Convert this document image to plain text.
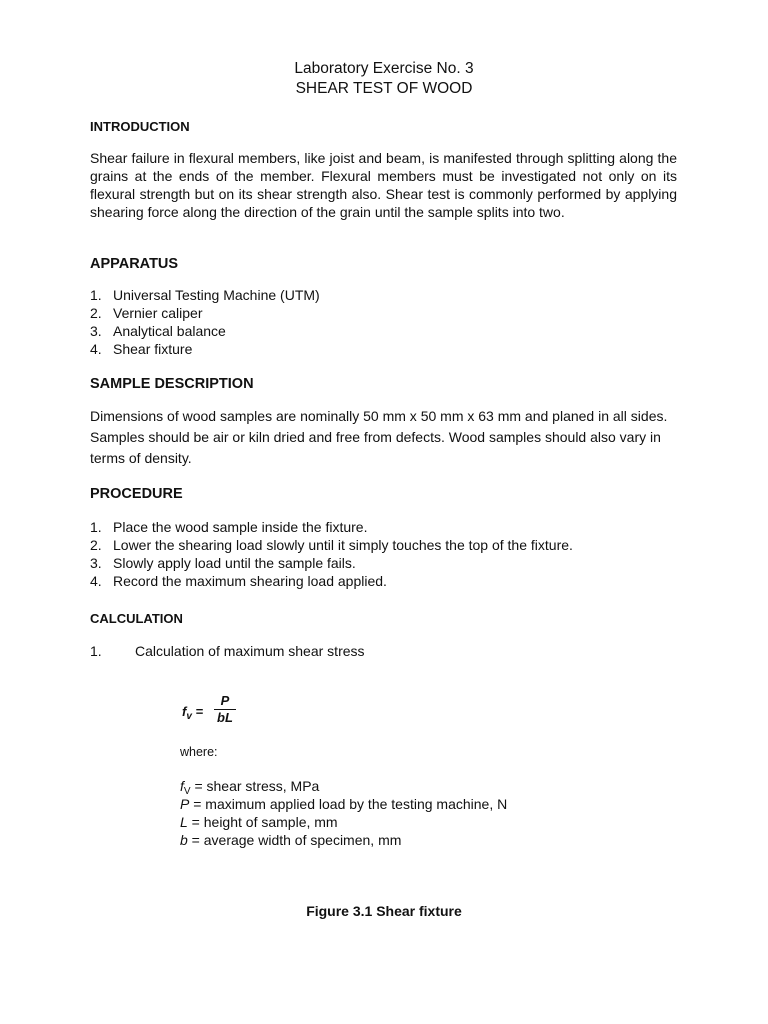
Laboratory Exercise No. 3
SHEAR TEST OF WOOD
INTRODUCTION
Shear failure in flexural members, like joist and beam, is manifested through splitting along the grains at the ends of the member. Flexural members must be investigated not only on its flexural strength but on its shear strength also. Shear test is commonly performed by applying shearing force along the direction of the grain until the sample splits into two.
APPARATUS
1. Universal Testing Machine (UTM)
2. Vernier caliper
3. Analytical balance
4. Shear fixture
SAMPLE DESCRIPTION
Dimensions of wood samples are nominally 50 mm x 50 mm x 63 mm and planed in all sides. Samples should be air or kiln dried and free from defects. Wood samples should also vary in terms of density.
PROCEDURE
1. Place the wood sample inside the fixture.
2. Lower the shearing load slowly until it simply touches the top of the fixture.
3. Slowly apply load until the sample fails.
4. Record the maximum shearing load applied.
CALCULATION
1. Calculation of maximum shear stress
$f_v$ =
P
bL
where:
$f_V$ = shear stress, MPa
P = maximum applied load by the testing machine, N
L = height of sample, mm
b = average width of specimen, mm
Figure 3.1 Shear fixture
